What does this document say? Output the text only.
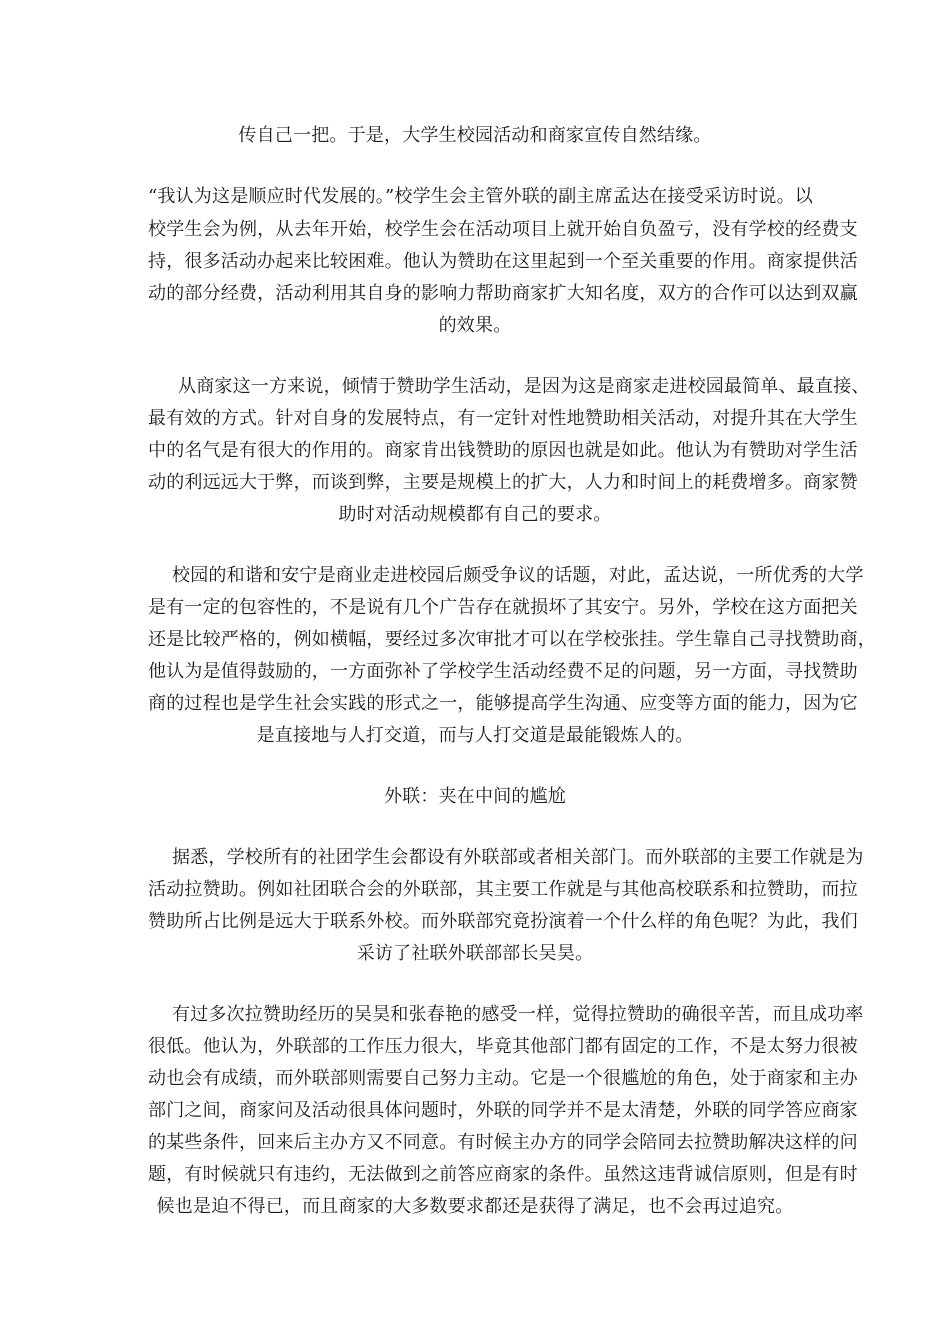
传自己一把。于是，大学生校园活动和商家宣传自然结缘。
“我认为这是顺应时代发展的。”校学生会主管外联的副主席孟达在接受采访时说。以
校学生会为例，从去年开始，校学生会在活动项目上就开始自负盈亏，没有学校的经费支
持，很多活动办起来比较困难。他认为赞助在这里起到一个至关重要的作用。商家提供活
动的部分经费，活动利用其自身的影响力帮助商家扩大知名度，双方的合作可以达到双赢
的效果。
从商家这一方来说，倾情于赞助学生活动，是因为这是商家走进校园最简单、最直接、
最有效的方式。针对自身的发展特点，有一定针对性地赞助相关活动，对提升其在大学生
中的名气是有很大的作用的。商家肯出钱赞助的原因也就是如此。他认为有赞助对学生活
动的利远远大于弊，而谈到弊，主要是规模上的扩大，人力和时间上的耗费增多。商家赞
助时对活动规模都有自己的要求。
校园的和谐和安宁是商业走进校园后颇受争议的话题，对此，孟达说，一所优秀的大学
是有一定的包容性的，不是说有几个广告存在就损坏了其安宁。另外，学校在这方面把关
还是比较严格的，例如横幅，要经过多次审批才可以在学校张挂。学生靠自己寻找赞助商，
他认为是值得鼓励的，一方面弥补了学校学生活动经费不足的问题，另一方面，寻找赞助
商的过程也是学生社会实践的形式之一，能够提高学生沟通、应变等方面的能力，因为它
是直接地与人打交道，而与人打交道是最能锻炼人的。
外联：夹在中间的尴尬
据悉，学校所有的社团学生会都设有外联部或者相关部门。而外联部的主要工作就是为
活动拉赞助。例如社团联合会的外联部，其主要工作就是与其他高校联系和拉赞助，而拉
赞助所占比例是远大于联系外校。而外联部究竟扮演着一个什么样的角色呢？为此，我们
采访了社联外联部部长吴昊。
有过多次拉赞助经历的吴昊和张春艳的感受一样，觉得拉赞助的确很辛苦，而且成功率
很低。他认为，外联部的工作压力很大，毕竟其他部门都有固定的工作，不是太努力很被
动也会有成绩，而外联部则需要自己努力主动。它是一个很尴尬的角色，处于商家和主办
部门之间，商家问及活动很具体问题时，外联的同学并不是太清楚，外联的同学答应商家
的某些条件，回来后主办方又不同意。有时候主办方的同学会陪同去拉赞助解决这样的问
题，有时候就只有违约，无法做到之前答应商家的条件。虽然这违背诚信原则，但是有时
候也是迫不得已，而且商家的大多数要求都还是获得了满足，也不会再过追究。
